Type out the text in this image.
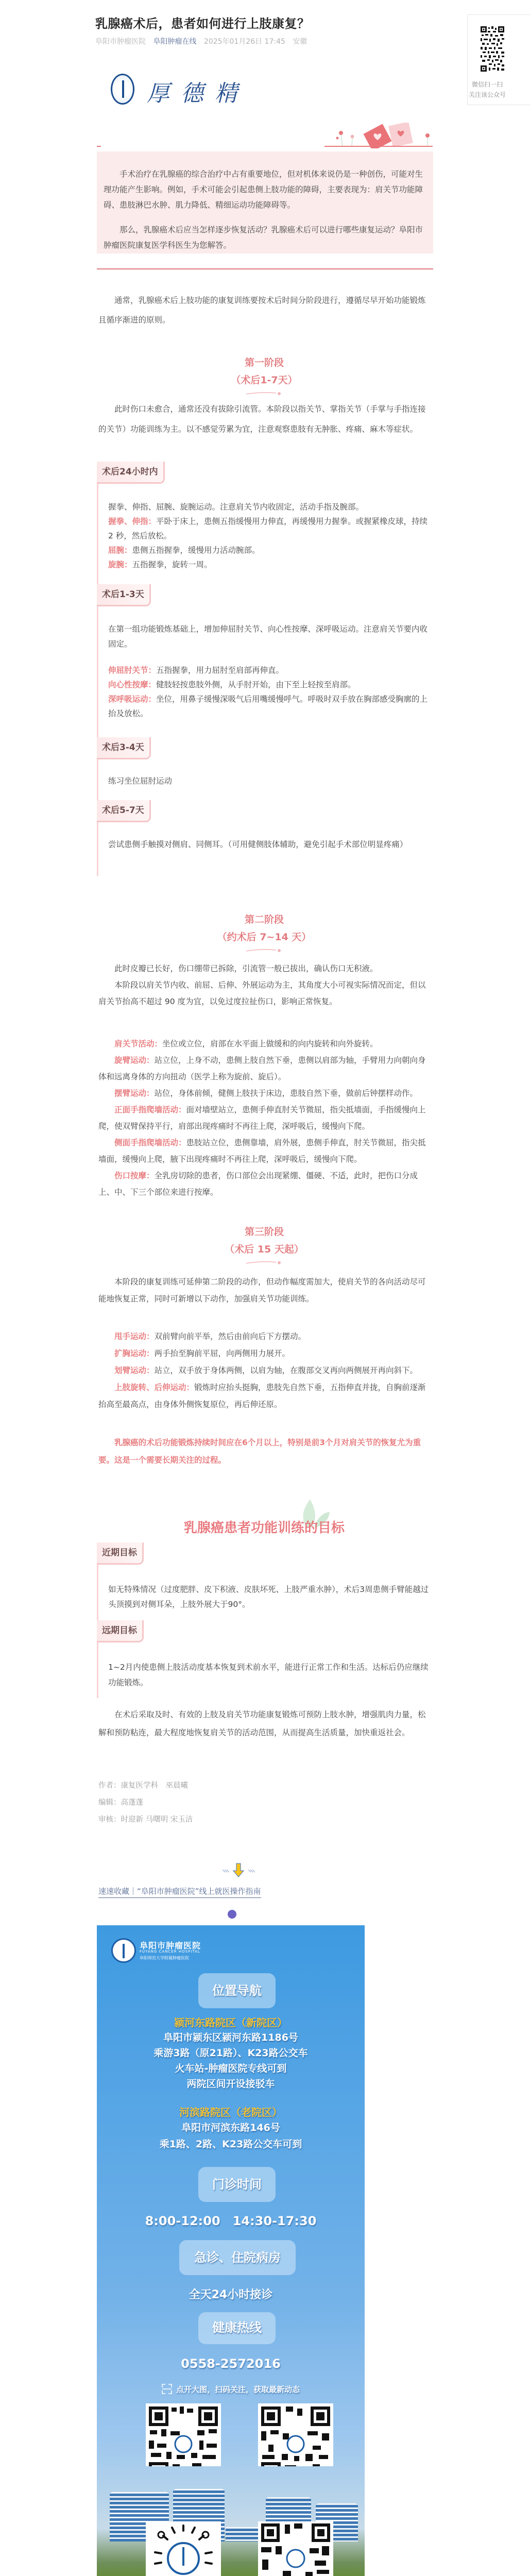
微信扫一扫
关注该公众号
乳腺癌术后，患者如何进行上肢康复？
阜阳市肿瘤医院 阜阳肿瘤在线 2025年01月26日 17:45 安徽
厚德精

手术治疗在乳腺癌的综合治疗中占有重要地位，但对机体来说仍是一种创伤，可能对生理功能产生影响。例如，手术可能会引起患侧上肢功能的障碍，主要表现为：肩关节功能障碍、患肢淋巴水肿、肌力降低、精细运动功能障碍等。

那么，乳腺癌术后应当怎样逐步恢复活动？乳腺癌术后可以进行哪些康复运动？阜阳市肿瘤医院康复医学科医生为您解答。

通常，乳腺癌术后上肢功能的康复训练要按术后时间分阶段进行，遵循尽早开始功能锻炼且循序渐进的原则。

第一阶段
（术后1-7天）

此时伤口未愈合，通常还没有拔除引流管。本阶段以指关节、掌指关节（手掌与手指连接的关节）功能训练为主。以不感觉劳累为宜，注意观察患肢有无肿胀、疼痛、麻木等症状。

术后24小时内
握拳、伸指、屈腕、旋腕运动。注意肩关节内收固定，活动手指及腕部。
握拳、伸指：平卧于床上，患侧五指缓慢用力伸直，再缓慢用力握拳。或握紧橡皮球，持续 2 秒，然后放松。
屈腕：患侧五指握拳，缓慢用力活动腕部。
旋腕：五指握拳，旋转一周。
术后1-3天
在第一组功能锻炼基础上，增加伸屈肘关节、向心性按摩、深呼吸运动。注意肩关节要内收固定。
伸屈肘关节：五指握拳，用力屈肘至肩部再伸直。
向心性按摩：健肢轻按患肢外侧，从手肘开始，由下至上轻按至肩部。
深呼吸运动：坐位，用鼻子缓慢深吸气后用嘴缓慢呼气。呼吸时双手放在胸部感受胸廓的上抬及放松。
术后3-4天
练习坐位屈肘运动
术后5-7天
尝试患侧手触摸对侧肩、同侧耳。（可用健侧肢体辅助，避免引起手术部位明显疼痛）
第二阶段
（约术后 7~14 天）
此时皮瓣已长好，伤口绷带已拆除，引流管一般已拔出，确认伤口无积液。
本阶段以肩关节内收、前屈、后伸、外展运动为主，其角度大小可视实际情况而定，但以肩关节抬高不超过 90 度为宜，以免过度拉扯伤口，影响正常恢复。
肩关节活动：坐位或立位，肩部在水平面上做缓和的向内旋转和向外旋转。
旋臂运动：站立位，上身不动，患侧上肢自然下垂，患侧以肩部为轴，手臂用力向朝向身体和远离身体的方向扭动（医学上称为旋前、旋后）。
摆臂运动：站位，身体前倾，健侧上肢扶于床边，患肢自然下垂，做前后钟摆样动作。
正面手指爬墙活动：面对墙壁站立，患侧手伸直肘关节微屈，指尖抵墙面，手指缓慢向上爬，使双臂保持平行，肩部出现疼痛时不再往上爬，深呼吸后，缓慢向下爬。
侧面手指爬墙活动：患肢站立位，患侧靠墙，肩外展，患侧手伸直，肘关节微屈，指尖抵墙面，缓慢向上爬，腋下出现疼痛时不再往上爬，深呼吸后，缓慢向下爬。
伤口按摩：全乳房切除的患者，伤口部位会出现紧绷、僵硬、不适，此时，把伤口分成上、中、下三个部位来进行按摩。
第三阶段
（术后 15 天起）
本阶段的康复训练可延伸第二阶段的动作，但动作幅度需加大，使肩关节的各向活动尽可能地恢复正常，同时可新增以下动作，加强肩关节功能训练。
甩手运动：双前臂向前平举，然后由前向后下方摆动。
扩胸运动：两手抬至胸前平屈，向两侧用力展开。
划臂运动：站立，双手放于身体两侧，以肩为轴，在腹部交叉再向两侧展开再向斜下。
上肢旋转、后伸运动：锻炼时应抬头挺胸，患肢先自然下垂，五指伸直并拢，自胸前逐渐抬高至最高点，由身体外侧恢复原位，再后伸还原。
乳腺癌的术后功能锻炼持续时间应在6个月以上，特别是前3个月对肩关节的恢复尤为重要。这是一个需要长期关注的过程。
乳腺癌患者功能训练的目标
近期目标
如无特殊情况（过度肥胖、皮下积液、皮肤坏死、上肢严重水肿），术后3周患侧手臂能越过头顶摸到对侧耳朵，上肢外展大于90°。
远期目标
1~2月内使患侧上肢活动度基本恢复到术前水平，能进行正常工作和生活。达标后仍应继续功能锻炼。

在术后采取及时、有效的上肢及肩关节功能康复锻炼可预防上肢水肿，增强肌肉力量，松解和预防粘连，最大程度地恢复肩关节的活动范围，从而提高生活质量，加快重返社会。

作者：康复医学科　巫晨曦
编辑：高蓬蓬
审核：时迎新 马曙明 宋玉洁
速速收藏｜“阜阳市肿瘤医院”线上就医操作指南
阜阳市肿瘤医院
FUYANG CANCER HOSPITAL
阜阳师范大学附属肿瘤医院
位置导航
颍河东路院区（新院区）
阜阳市颍东区颍河东路1186号
乘游3路（原21路）、K23路公交车
火车站-肿瘤医院专线可到
两院区间开设接驳车
河滨路院区（老院区）
阜阳市河滨东路146号
乘1路、2路、K23路公交车可到
门诊时间
8:00-12:00　14:30-17:30
急诊、住院病房
全天24小时接诊
健康热线
0558-2572016
点开大图，扫码关注，获取最新动态
